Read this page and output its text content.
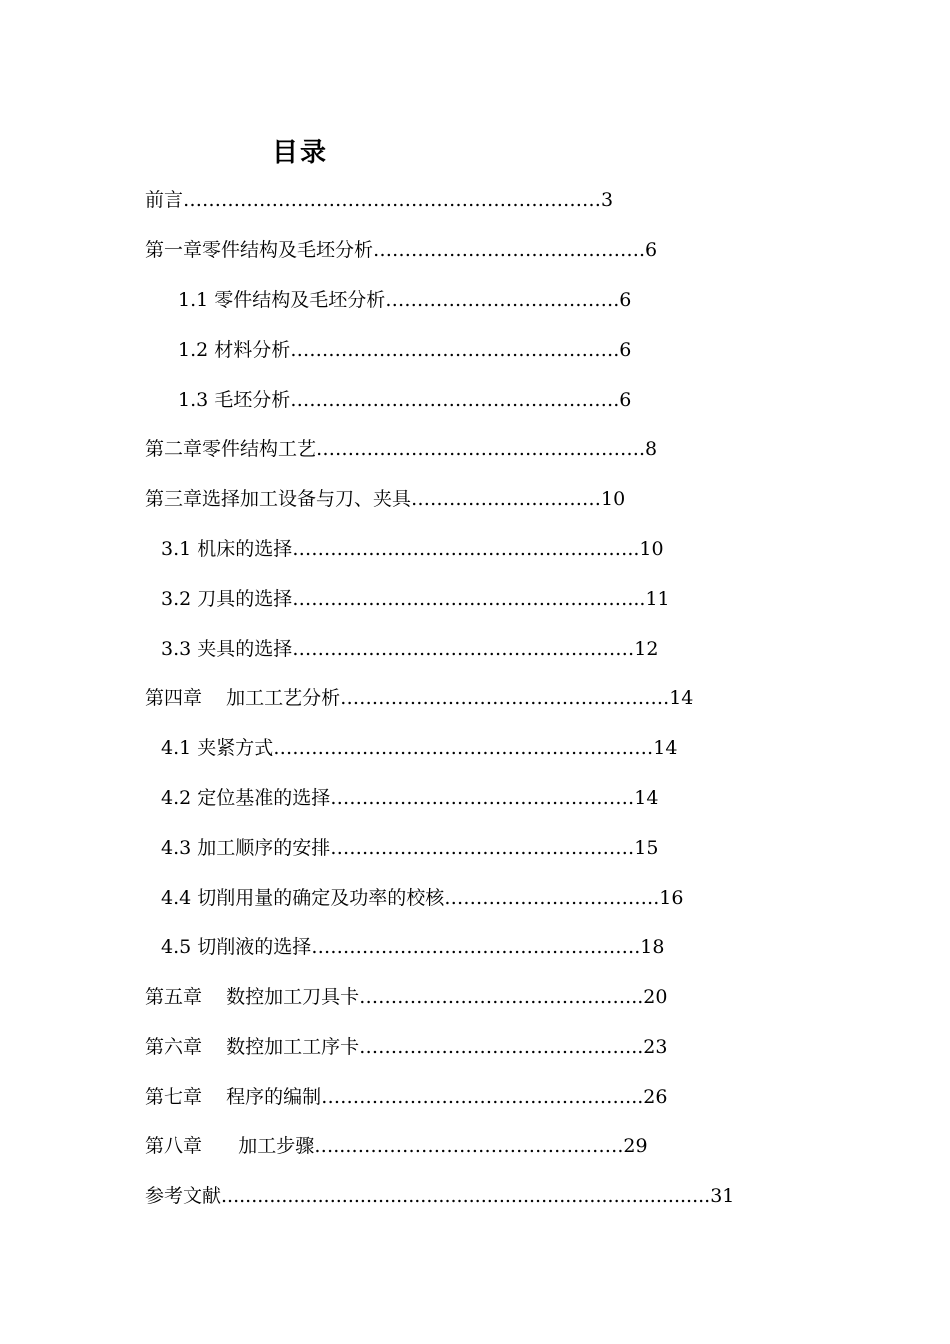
目录
前言…………………………………………………………3
第一章零件结构及毛坯分析…………………………………….6
1.1 零件结构及毛坯分析……………………………….6
1.2 材料分析…………………………………………….6
1.3 毛坯分析…………………………………………….6
第二章零件结构工艺…………………………………………….8
第三章选择加工设备与刀、夹具…………………………10
3.1 机床的选择………………………..……………………..10
3.2 刀具的选择………………………..……………………...11
3.3 夹具的选择………………………………………………12
第四章    加工工艺分析…………………………………………….14
4.1 夹紧方式……………………………………………………14
4.2 定位基准的选择…………………………………………14
4.3 加工顺序的安排…………………………………………15
4.4 切削用量的确定及功率的校核…………………………….16
4.5 切削液的选择…………………………………………….18
第五章    数控加工刀具卡……………………………………...20
第六章    数控加工工序卡……………………………………...23
第七章    程序的编制…………………………………………...26
第八章      加工步骤…...…………………………………….29
参考文献.................................................................................31
